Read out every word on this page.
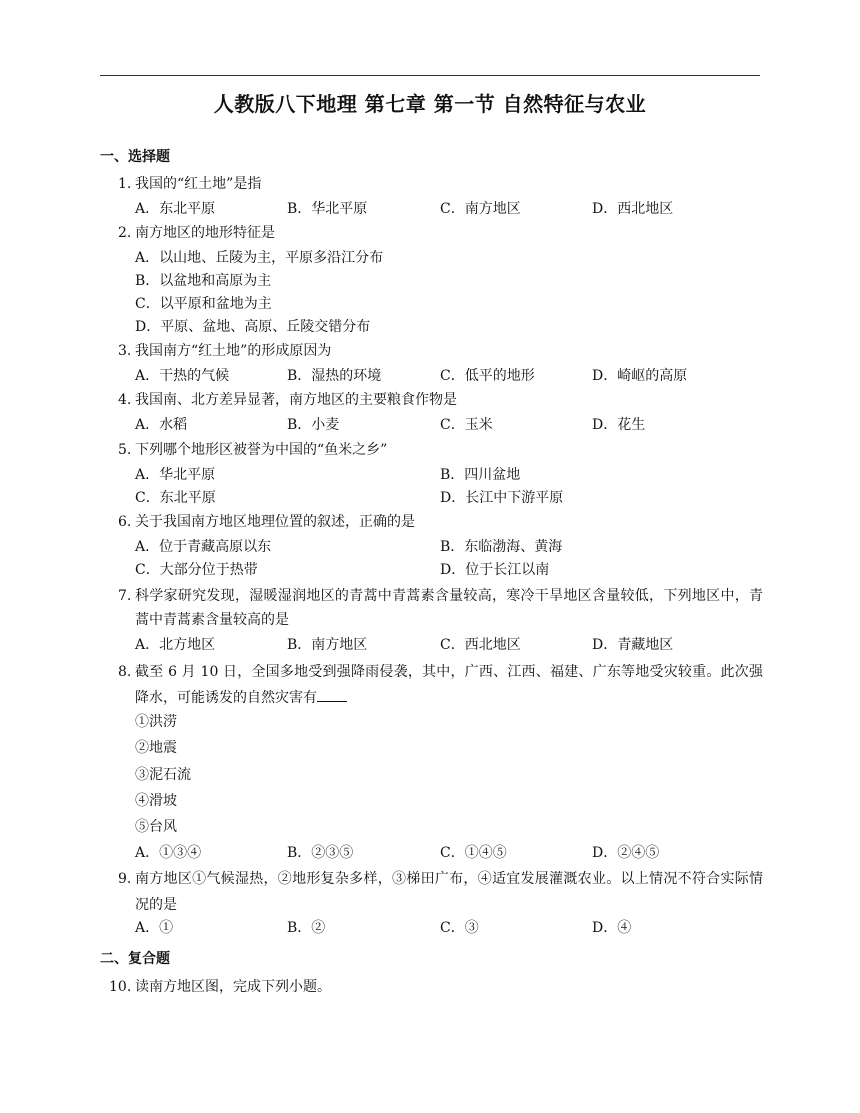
人教版八下地理 第七章 第一节 自然特征与农业
一、选择题
1. 我国的“红土地”是指
A．东北平原	B．华北平原	C．南方地区	D．西北地区
2. 南方地区的地形特征是
A．以山地、丘陵为主，平原多沿江分布
B．以盆地和高原为主
C．以平原和盆地为主
D．平原、盆地、高原、丘陵交错分布
3. 我国南方“红土地”的形成原因为
A．干热的气候	B．湿热的环境	C．低平的地形	D．崎岖的高原
4. 我国南、北方差异显著，南方地区的主要粮食作物是
A．水稻	B．小麦	C．玉米	D．花生
5. 下列哪个地形区被誉为中国的“鱼米之乡”
A．华北平原	B．四川盆地
C．东北平原	D．长江中下游平原
6. 关于我国南方地区地理位置的叙述，正确的是
A．位于青藏高原以东	B．东临渤海、黄海
C．大部分位于热带	D．位于长江以南
7. 科学家研究发现，湿暖湿润地区的青蒿中青蒿素含量较高，寒冷干旱地区含量较低，下列地区中，青蒿中青蒿素含量较高的是
A．北方地区	B．南方地区	C．西北地区	D．青藏地区
8. 截至 6 月 10 日，全国多地受到强降雨侵袭，其中，广西、江西、福建、广东等地受灾较重。此次强降水，可能诱发的自然灾害有
①洪涝
②地震
③泥石流
④滑坡
⑤台风
A．①③④	B．②③⑤	C．①④⑤	D．②④⑤
9. 南方地区①气候湿热，②地形复杂多样，③梯田广布，④适宜发展灌溉农业。以上情况不符合实际情况的是
A．①	B．②	C．③	D．④
二、复合题
10. 读南方地区图，完成下列小题。
